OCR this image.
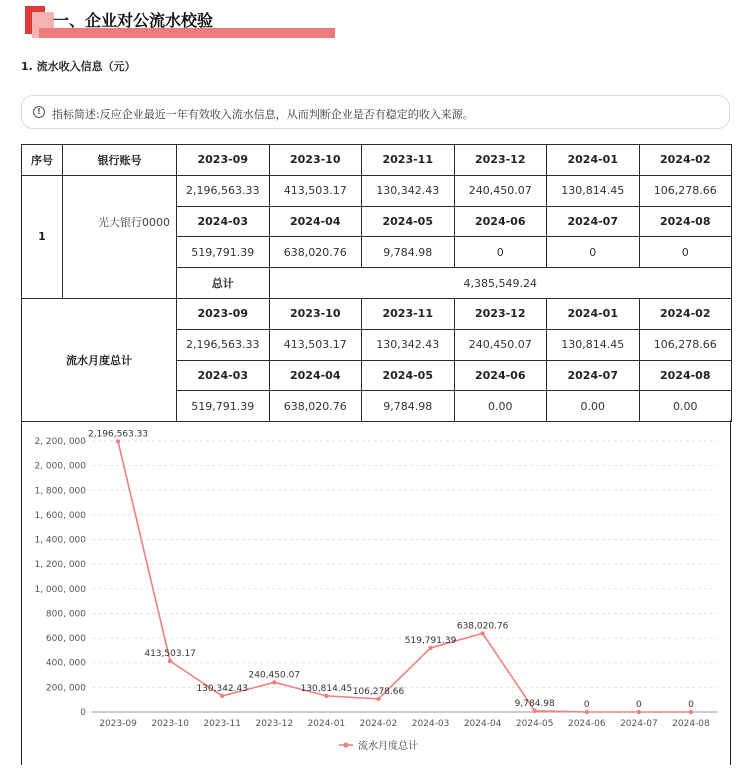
一、企业对公流水校验
1. 流水收入信息（元）
!	指标简述:反应企业最近一年有效收入流水信息，从而判断企业是否有稳定的收入来源。
序号	银行账号	2023-09	2023-10	2023-11	2023-12	2024-01	2024-02
1	光大银行0000	2,196,563.33	413,503.17	130,342.43	240,450.07	130,814.45	106,278.66
		2024-03	2024-04	2024-05	2024-06	2024-07	2024-08
		519,791.39	638,020.76	9,784.98	0	0	0
		总计	4,385,549.24				
流水月度总计		2023-09	2023-10	2023-11	2023-12	2024-01	2024-02
		2,196,563.33	413,503.17	130,342.43	240,450.07	130,814.45	106,278.66
		2024-03	2024-04	2024-05	2024-06	2024-07	2024-08
		519,791.39	638,020.76	9,784.98	0.00	0.00	0.00
0
200, 000
400, 000
600, 000
800, 000
1, 000, 000
1, 200, 000
1, 400, 000
1, 600, 000
1, 800, 000
2, 000, 000
2, 200, 000
2023-09 2023-10 2023-11 2023-12 2024-01 2024-02 2024-03 2024-04 2024-05 2024-06 2024-07 2024-08
2,196,563.33
413,503.17
130,342.43
240,450.07
130,814.45 106,278.66
519,791.39
638,020.76
9,784.98	0	0	0
流水月度总计
